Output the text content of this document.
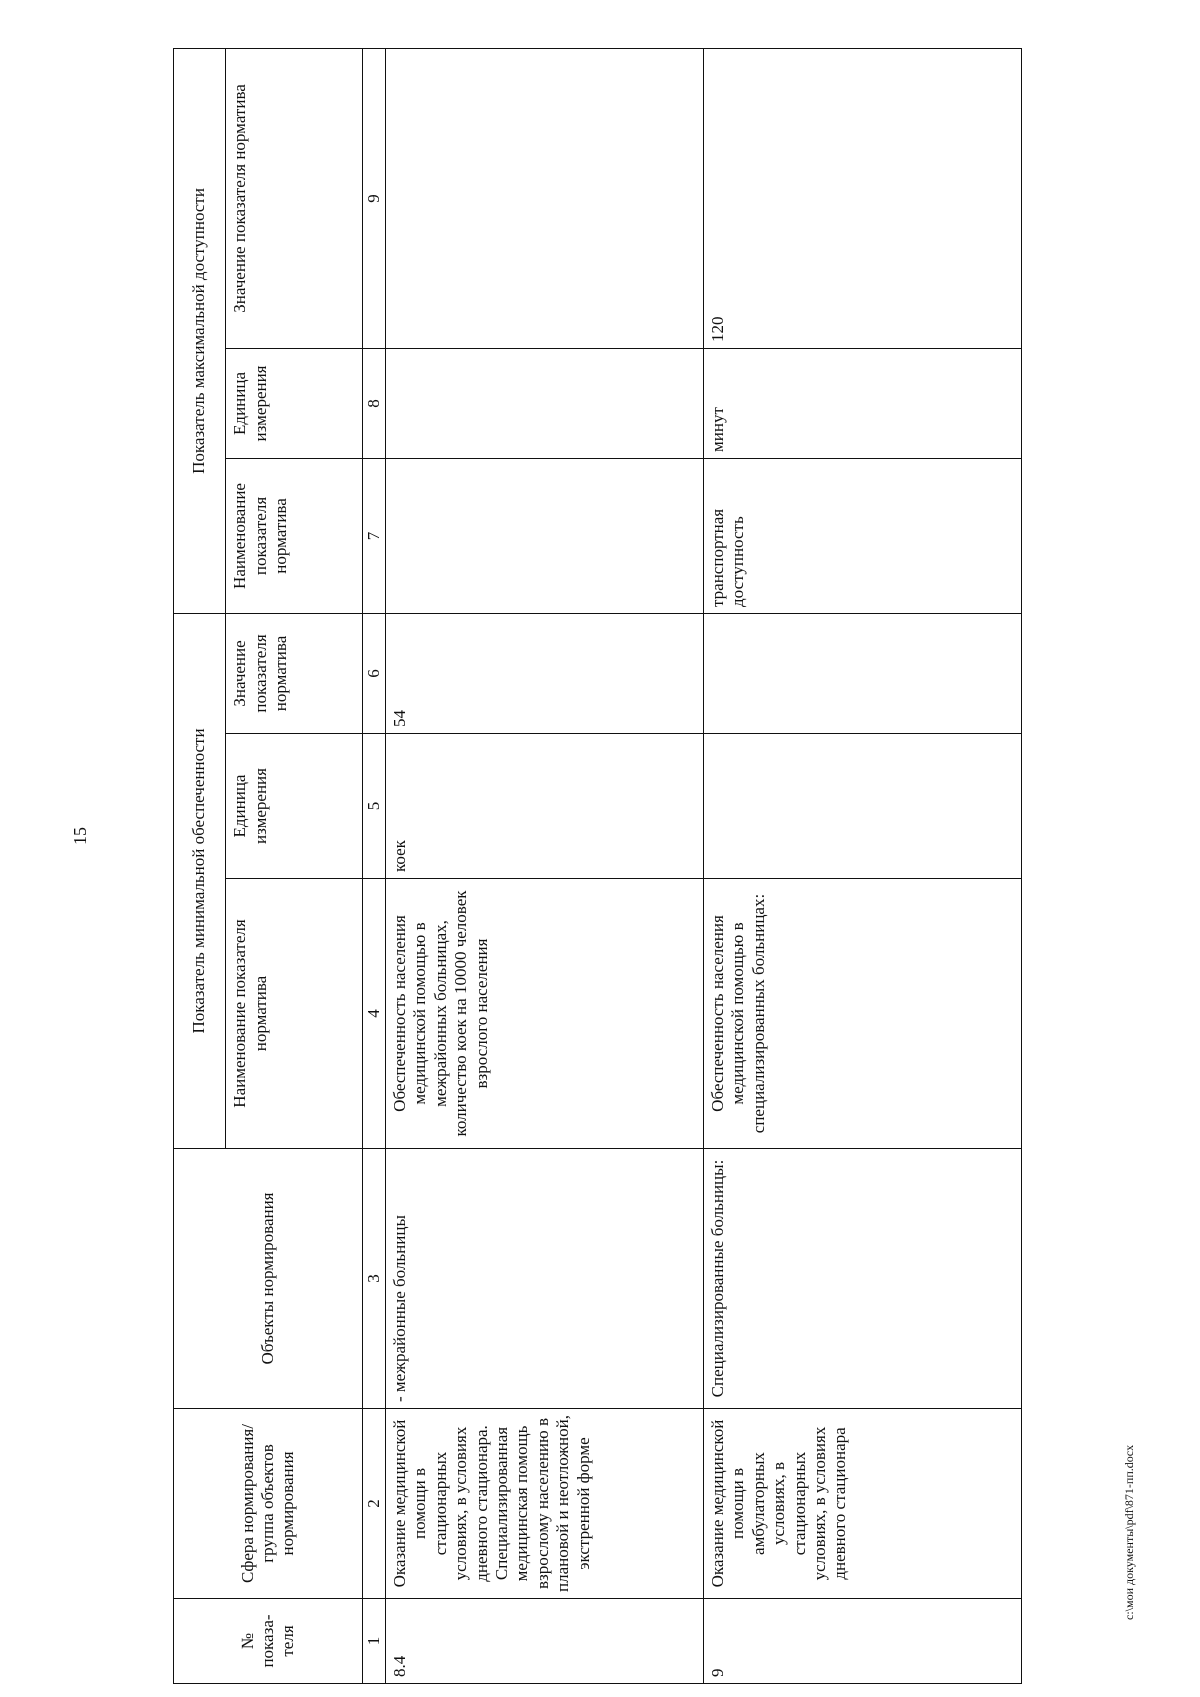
15
№ показа-теля	Сфера нормирования/ группа объектов нормирования	Объекты нормирования	Показатель минимальной обеспеченности			Показатель максимальной доступности		
			Наименование показателя норматива	Единица измерения	Значение показателя норматива	Наименование показателя норматива	Единица измерения	Значение показателя норматива
1	2	3	4	5	6	7	8	9
8.4	Оказание медицинской помощи в стационарных условиях, в условиях дневного стационара. Специализированная медицинская помощь взрослому населению в плановой и неотложной, экстренной форме	- межрайонные больницы	Обеспеченность населения медицинской помощью в межрайонных больницах, количество коек на 10000 человек взрослого населения	коек	54			
9	Оказание медицинской помощи в амбулаторных условиях, в стационарных условиях, в условиях дневного стационара	Специализированные больницы:	Обеспеченность населения медицинской помощью в специализированных больницах:			транспортная доступность	минут	120
c:\мои документы\pdf\871-пп.docx
